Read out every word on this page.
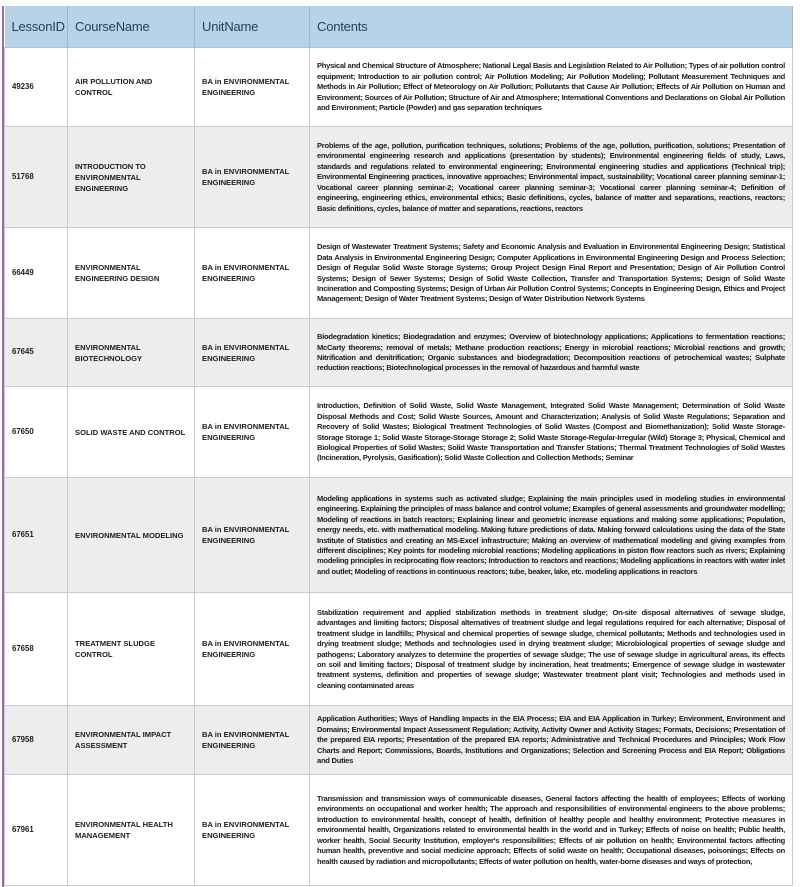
LessonID	CourseName	UnitName	Contents
49236	AIR POLLUTION AND CONTROL	BA in ENVIRONMENTAL ENGINEERING	Physical and Chemical Structure of Atmosphere; National Legal Basis and Legislation Related to Air Pollution; Types of air pollution control equipment; Introduction to air pollution control; Air Pollution Modeling; Air Pollution Modeling; Pollutant Measurement Techniques and Methods in Air Pollution; Effect of Meteorology on Air Pollution; Pollutants that Cause Air Pollution; Effects of Air Pollution on Human and Environment; Sources of Air Pollution; Structure of Air and Atmosphere; International Conventions and Declarations on Global Air Pollution and Environment; Particle (Powder) and gas separation techniques
51768	INTRODUCTION TO ENVIRONMENTAL ENGINEERING	BA in ENVIRONMENTAL ENGINEERING	Problems of the age, pollution, purification techniques, solutions; Problems of the age, pollution, purification, solutions; Presentation of environmental engineering research and applications (presentation by students); Environmental engineering fields of study, Laws, standards and regulations related to environmental engineering; Environmental engineering studies and applications (Technical trip); Environmental Engineering practices, innovative approaches; Environmental impact, sustainability; Vocational career planning seminar-1; Vocational career planning seminar-2; Vocational career planning seminar-3; Vocational career planning seminar-4; Definition of engineering, engineering ethics, environmental ethics; Basic definitions, cycles, balance of matter and separations, reactions, reactors; Basic definitions, cycles, balance of matter and separations, reactions, reactors
66449	ENVIRONMENTAL ENGINEERING DESIGN	BA in ENVIRONMENTAL ENGINEERING	Design of Wastewater Treatment Systems; Safety and Economic Analysis and Evaluation in Environmental Engineering Design; Statistical Data Analysis in Environmental Engineering Design; Computer Applications in Environmental Engineering Design and Process Selection; Design of Regular Solid Waste Storage Systems; Group Project Design Final Report and Presentation; Design of Air Pollution Control Systems; Design of Sewer Systems; Design of Solid Waste Collection, Transfer and Transportation Systems; Design of Solid Waste Incineration and Composting Systems; Design of Urban Air Pollution Control Systems; Concepts in Engineering Design, Ethics and Project Management; Design of Water Treatment Systems; Design of Water Distribution Network Systems
67645	ENVIRONMENTAL BIOTECHNOLOGY	BA in ENVIRONMENTAL ENGINEERING	Biodegradation kinetics; Biodegradation and enzymes; Overview of biotechnology applications; Applications to fermentation reactions; McCarty theorems; removal of metals; Methane production reactions; Energy in microbial reactions; Microbial reactions and growth; Nitrification and denitrification; Organic substances and biodegradation; Decomposition reactions of petrochemical wastes; Sulphate reduction reactions; Biotechnological processes in the removal of hazardous and harmful waste
67650	SOLID WASTE AND CONTROL	BA in ENVIRONMENTAL ENGINEERING	Introduction, Definition of Solid Waste, Solid Waste Management, Integrated Solid Waste Management; Determination of Solid Waste Disposal Methods and Cost; Solid Waste Sources, Amount and Characterization; Analysis of Solid Waste Regulations; Separation and Recovery of Solid Wastes; Biological Treatment Technologies of Solid Wastes (Compost and Biomethanization); Solid Waste Storage-Storage Storage 1; Solid Waste Storage-Storage Storage 2; Solid Waste Storage-Regular-Irregular (Wild) Storage 3; Physical, Chemical and Biological Properties of Solid Wastes; Solid Waste Transportation and Transfer Stations; Thermal Treatment Technologies of Solid Wastes (Incineration, Pyrolysis, Gasification); Solid Waste Collection and Collection Methods; Seminar
67651	ENVIRONMENTAL MODELING	BA in ENVIRONMENTAL ENGINEERING	Modeling applications in systems such as activated sludge; Explaining the main principles used in modeling studies in environmental engineering. Explaining the principles of mass balance and control volume; Examples of general assessments and groundwater modelling; Modeling of reactions in batch reactors; Explaining linear and geometric increase equations and making some applications; Population, energy needs, etc. with mathematical modeling. Making future predictions of data. Making forward calculations using the data of the State Institute of Statistics and creating an MS-Excel infrastructure; Making an overview of mathematical modeling and giving examples from different disciplines; Key points for modeling microbial reactions; Modeling applications in piston flow reactors such as rivers; Explaining modeling principles in reciprocating flow reactors; Introduction to reactors and reactions; Modeling applications in reactors with water inlet and outlet; Modeling of reactions in continuous reactors; tube, beaker, lake, etc. modeling applications in reactors
67658	TREATMENT SLUDGE CONTROL	BA in ENVIRONMENTAL ENGINEERING	Stabilization requirement and applied stabilization methods in treatment sludge; On-site disposal alternatives of sewage sludge, advantages and limiting factors; Disposal alternatives of treatment sludge and legal regulations required for each alternative; Disposal of treatment sludge in landfills; Physical and chemical properties of sewage sludge, chemical pollutants; Methods and technologies used in drying treatment sludge; Methods and technologies used in drying treatment sludge; Microbiological properties of sewage sludge and pathogens; Laboratory analyzes to determine the properties of sewage sludge; The use of sewage sludge in agricultural areas, its effects on soil and limiting factors; Disposal of treatment sludge by incineration, heat treatments; Emergence of sewage sludge in wastewater treatment systems, definition and properties of sewage sludge; Wastewater treatment plant visit; Technologies and methods used in cleaning contaminated areas
67958	ENVIRONMENTAL IMPACT ASSESSMENT	BA in ENVIRONMENTAL ENGINEERING	Application Authorities; Ways of Handling Impacts in the EIA Process; EIA and EIA Application in Turkey; Environment, Environment and Domains; Environmental Impact Assessment Regulation; Activity, Activity Owner and Activity Stages; Formats, Decisions; Presentation of the prepared EIA reports; Presentation of the prepared EIA reports; Administrative and Technical Procedures and Principles; Work Flow Charts and Report; Commissions, Boards, Institutions and Organizations; Selection and Screening Process and EIA Report; Obligations and Duties
67961	ENVIRONMENTAL HEALTH MANAGEMENT	BA in ENVIRONMENTAL ENGINEERING	Transmission and transmission ways of communicable diseases, General factors affecting the health of employees; Effects of working environments on occupational and worker health; The approach and responsibilities of environmental engineers to the above problems; Introduction to environmental health, concept of health, definition of healthy people and healthy environment; Protective measures in environmental health, Organizations related to environmental health in the world and in Turkey; Effects of noise on health; Public health, worker health, Social Security Institution, employer's responsibilities; Effects of air pollution on health; Environmental factors affecting human health, preventive and social medicine approach; Effects of solid waste on health; Occupational diseases, poisonings; Effects on health caused by radiation and micropollutants; Effects of water pollution on health, water-borne diseases and ways of protection,
